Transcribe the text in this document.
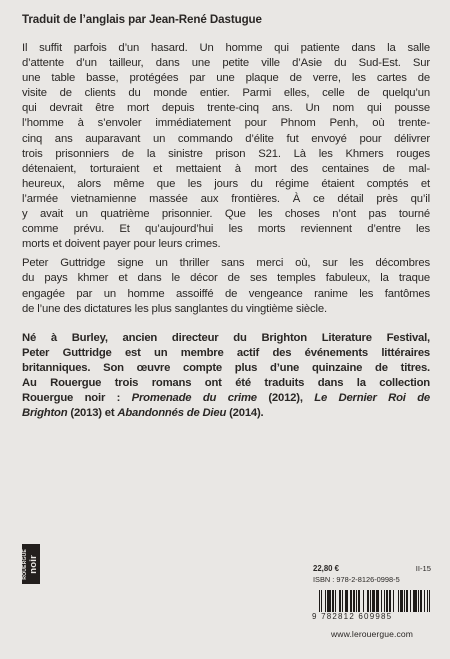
Traduit de l’anglais par Jean-René Dastugue

Il suffit parfois d’un hasard. Un homme qui patiente dans la salle
d’attente d’un tailleur, dans une petite ville d’Asie du Sud-Est. Sur
une table basse, protégées par une plaque de verre, les cartes de
visite de clients du monde entier. Parmi elles, celle de quelqu’un
qui devrait être mort depuis trente-cinq ans. Un nom qui pousse
l’homme à s’envoler immédiatement pour Phnom Penh, où trente-
cinq ans auparavant un commando d’élite fut envoyé pour délivrer
trois prisonniers de la sinistre prison S21. Là les Khmers rouges
détenaient, torturaient et mettaient à mort des centaines de mal-
heureux, alors même que les jours du régime étaient comptés et
l’armée vietnamienne massée aux frontières. À ce détail près qu’il
y avait un quatrième prisonnier. Que les choses n’ont pas tourné
comme prévu. Et qu’aujourd’hui les morts reviennent d’entre les
morts et doivent payer pour leurs crimes.
Peter Guttridge signe un thriller sans merci où, sur les décombres
du pays khmer et dans le décor de ses temples fabuleux, la traque
engagée par un homme assoiffé de vengeance ranime les fantômes
de l’une des dictatures les plus sanglantes du vingtième siècle.
Né à Burley, ancien directeur du Brighton Literature Festival,
Peter Guttridge est un membre actif des événements littéraires
britanniques. Son œuvre compte plus d’une quinzaine de titres.
Au Rouergue trois romans ont été traduits dans la collection
Rouergue noir : Promenade du crime (2012), Le Dernier Roi de
Brighton (2013) et Abandonnés de Dieu (2014).
ROUERGUE noir	22,80 €	II-15
ISBN : 978-2-8126-0998-5
9 782812 609985
www.lerouergue.com
